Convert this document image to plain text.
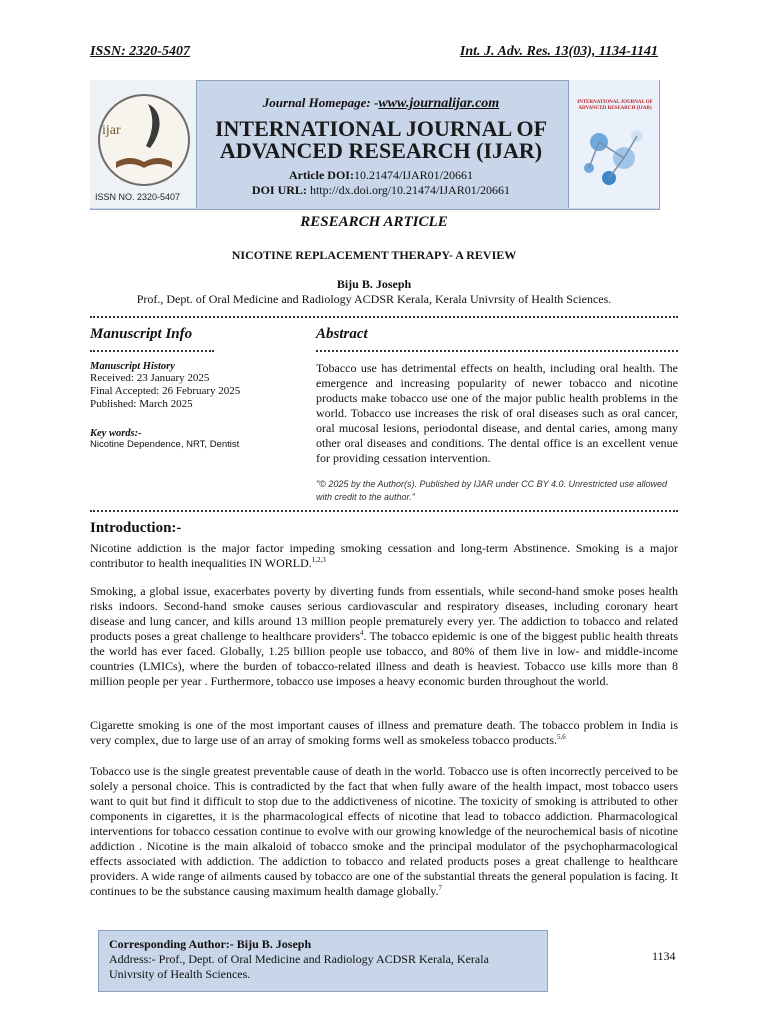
ISSN: 2320-5407	Int. J. Adv. Res. 13(03), 1134-1141
ijar
ISSN NO. 2320-5407
Journal Homepage: -www.journalijar.com
INTERNATIONAL JOURNAL OF
ADVANCED RESEARCH (IJAR)
Article DOI:10.21474/IJAR01/20661
DOI URL: http://dx.doi.org/10.21474/IJAR01/20661
INTERNATIONAL JOURNAL OF ADVANCED RESEARCH (IJAR)
RESEARCH ARTICLE
NICOTINE REPLACEMENT THERAPY- A REVIEW
Biju B. Joseph
Prof., Dept. of Oral Medicine and Radiology ACDSR Kerala, Kerala Univrsity of Health Sciences.
Manuscript Info
Manuscript History
Received: 23 January 2025
Final Accepted: 26 February 2025
Published: March 2025
Key words:-
Nicotine Dependence, NRT, Dentist
Abstract
Tobacco use has detrimental effects on health, including oral health. The emergence and increasing popularity of newer tobacco and nicotine products make tobacco use one of the major public health problems in the world. Tobacco use increases the risk of oral diseases such as oral cancer, oral mucosal lesions, periodontal disease, and dental caries, among many other oral diseases and conditions. The dental office is an excellent venue for providing cessation intervention.
"© 2025 by the Author(s). Published by IJAR under CC BY 4.0. Unrestricted use allowed with credit to the author."
Introduction:-
Nicotine addiction is the major factor impeding smoking cessation and long-term Abstinence. Smoking is a major contributor to health inequalities IN WORLD.$^{1,2,3}$
Smoking, a global issue, exacerbates poverty by diverting funds from essentials, while second-hand smoke poses health risks indoors. Second-hand smoke causes serious cardiovascular and respiratory diseases, including coronary heart disease and lung cancer, and kills around 13 million people prematurely every yer. The addiction to tobacco and related products poses a great challenge to healthcare providers$^4$. The tobacco epidemic is one of the biggest public health threats the world has ever faced. Globally, 1.25 billion people use tobacco, and 80% of them live in low- and middle-income countries (LMICs), where the burden of tobacco-related illness and death is heaviest. Tobacco use kills more than 8 million people per year . Furthermore, tobacco use imposes a heavy economic burden throughout the world.
Cigarette smoking is one of the most important causes of illness and premature death. The tobacco problem in India is very complex, due to large use of an array of smoking forms well as smokeless tobacco products.$^{5,6}$
Tobacco use is the single greatest preventable cause of death in the world. Tobacco use is often incorrectly perceived to be solely a personal choice. This is contradicted by the fact that when fully aware of the health impact, most tobacco users want to quit but find it difficult to stop due to the addictiveness of nicotine. The toxicity of smoking is attributed to other components in cigarettes, it is the pharmacological effects of nicotine that lead to tobacco addiction. Pharmacological interventions for tobacco cessation continue to evolve with our growing knowledge of the neurochemical basis of nicotine addiction . Nicotine is the main alkaloid of tobacco smoke and the principal modulator of the psychopharmacological effects associated with addiction. The addiction to tobacco and related products poses a great challenge to healthcare providers. A wide range of ailments caused by tobacco are one of the substantial threats the general population is facing. It continues to be the substance causing maximum health damage globally.$^7$
Corresponding Author:- Biju B. Joseph
Address:- Prof., Dept. of Oral Medicine and Radiology ACDSR Kerala, Kerala Univrsity of Health Sciences.
1134
